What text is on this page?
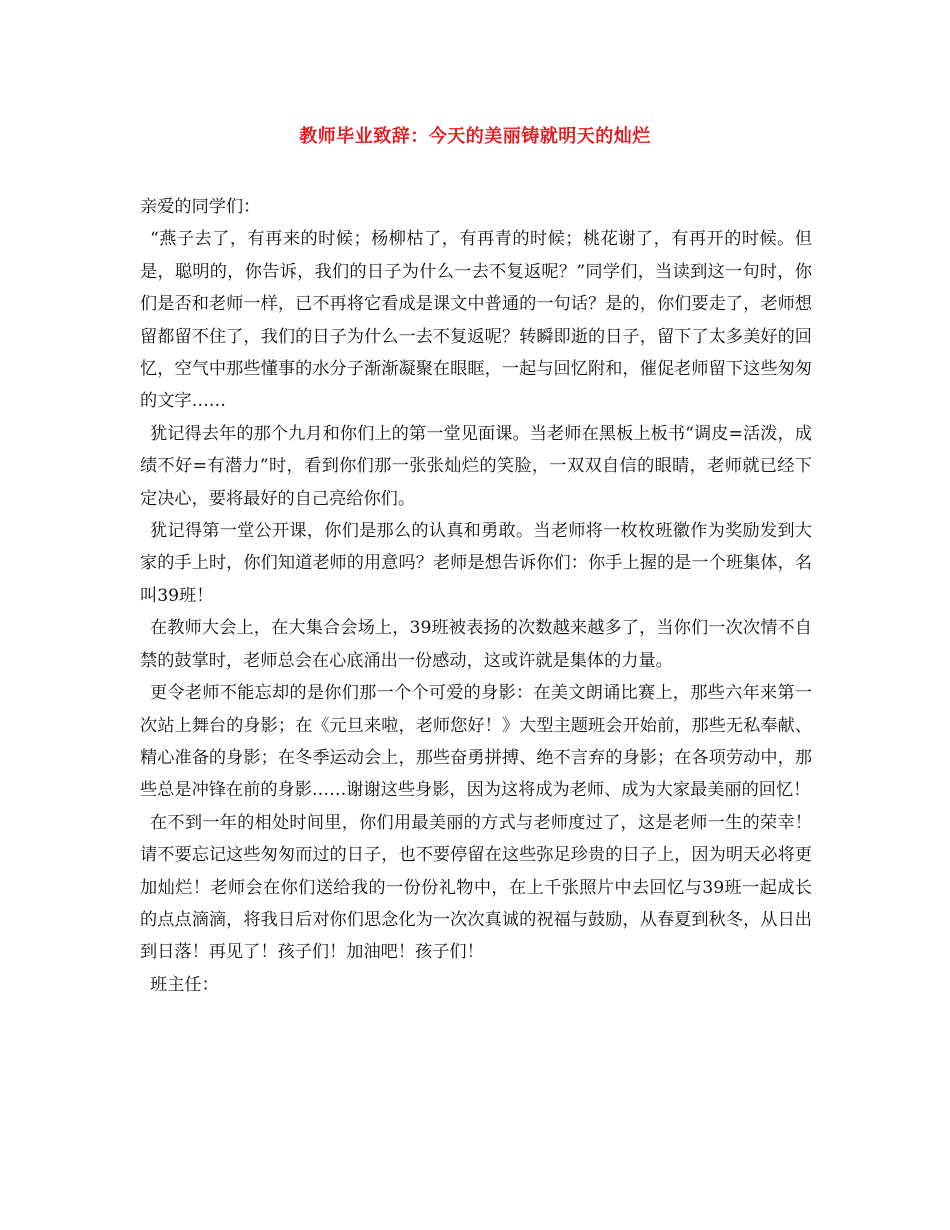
教师毕业致辞：今天的美丽铸就明天的灿烂

亲爱的同学们：

“燕子去了，有再来的时候；杨柳枯了，有再青的时候；桃花谢了，有再开的时候。但是，聪明的，你告诉，我们的日子为什么一去不复返呢？”同学们，当读到这一句时，你们是否和老师一样，已不再将它看成是课文中普通的一句话？是的，你们要走了，老师想留都留不住了，我们的日子为什么一去不复返呢？转瞬即逝的日子，留下了太多美好的回忆，空气中那些懂事的水分子渐渐凝聚在眼眶，一起与回忆附和，催促老师留下这些匆匆的文字……

犹记得去年的那个九月和你们上的第一堂见面课。当老师在黑板上板书“调皮=活泼，成绩不好=有潜力”时，看到你们那一张张灿烂的笑脸，一双双自信的眼睛，老师就已经下定决心，要将最好的自己亮给你们。

犹记得第一堂公开课，你们是那么的认真和勇敢。当老师将一枚枚班徽作为奖励发到大家的手上时，你们知道老师的用意吗？老师是想告诉你们：你手上握的是一个班集体，名叫39班！

在教师大会上，在大集合会场上，39班被表扬的次数越来越多了，当你们一次次情不自禁的鼓掌时，老师总会在心底涌出一份感动，这或许就是集体的力量。

更令老师不能忘却的是你们那一个个可爱的身影：在美文朗诵比赛上，那些六年来第一次站上舞台的身影；在《元旦来啦，老师您好！》大型主题班会开始前，那些无私奉献、精心准备的身影；在冬季运动会上，那些奋勇拼搏、绝不言弃的身影；在各项劳动中，那些总是冲锋在前的身影……谢谢这些身影，因为这将成为老师、成为大家最美丽的回忆！

在不到一年的相处时间里，你们用最美丽的方式与老师度过了，这是老师一生的荣幸！请不要忘记这些匆匆而过的日子，也不要停留在这些弥足珍贵的日子上，因为明天必将更加灿烂！老师会在你们送给我的一份份礼物中，在上千张照片中去回忆与39班一起成长的点点滴滴，将我日后对你们思念化为一次次真诚的祝福与鼓励，从春夏到秋冬，从日出到日落！再见了！孩子们！加油吧！孩子们！

班主任：
